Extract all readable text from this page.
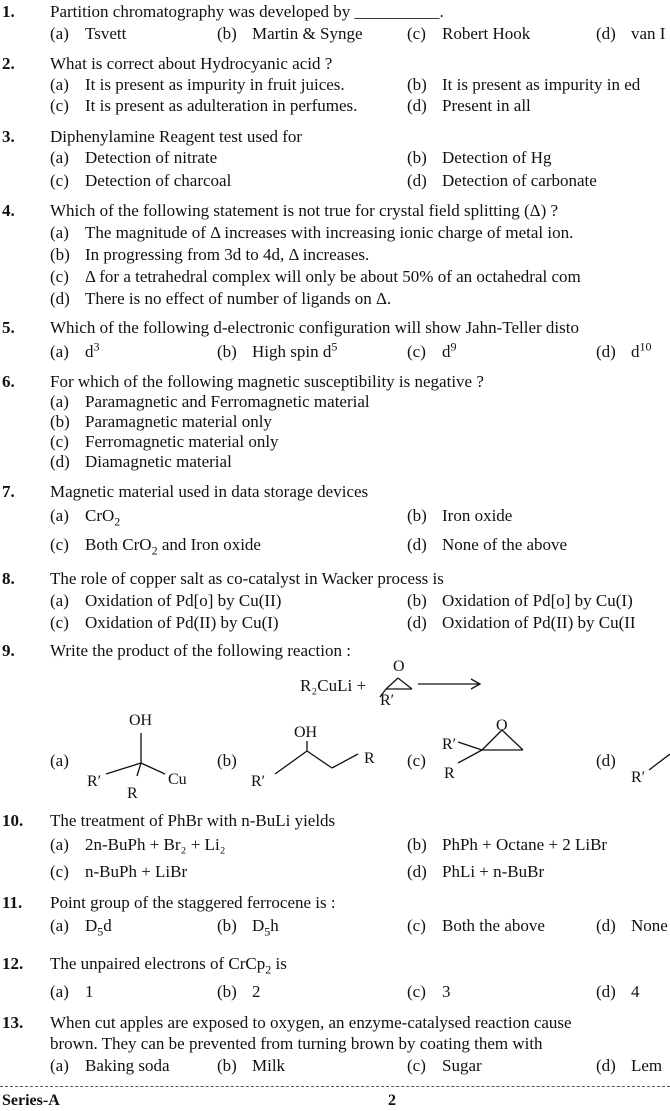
1. Partition chromatography was developed by __________.
(a) Tsvett	(b) Martin & Synge	(c) Robert Hook	(d) van I
2. What is correct about Hydrocyanic acid ?
(a) It is present as impurity in fruit juices.	(b) It is present as impurity in ed
(c) It is present as adulteration in perfumes.	(d) Present in all
3. Diphenylamine Reagent test used for
(a) Detection of nitrate	(b) Detection of Hg
(c) Detection of charcoal	(d) Detection of carbonate
4. Which of the following statement is not true for crystal field splitting (Δ) ?
(a) The magnitude of Δ increases with increasing ionic charge of metal ion.
(b) In progressing from 3d to 4d, Δ increases.
(c) Δ for a tetrahedral complex will only be about 50% of an octahedral com
(d) There is no effect of number of ligands on Δ.
5. Which of the following d-electronic configuration will show Jahn-Teller disto
(a) $d^3$	(b) High spin $d^5$	(c) $d^9$	(d) $d^{10}$
6. For which of the following magnetic susceptibility is negative ?
(a) Paramagnetic and Ferromagnetic material
(b) Paramagnetic material only
(c) Ferromagnetic material only
(d) Diamagnetic material
7. Magnetic material used in data storage devices
(a) CrO$_2$	(b) Iron oxide
(c) Both CrO$_2$ and Iron oxide	(d) None of the above
8. The role of copper salt as co-catalyst in Wacker process is
(a) Oxidation of Pd[o] by Cu(II)	(b) Oxidation of Pd[o] by Cu(I)
(c) Oxidation of Pd(II) by Cu(I)	(d) Oxidation of Pd(II) by Cu(II
9. Write the product of the following reaction :
R₂CuLi +
O
R′
(a)
OH
R′	Cu
R
(b)
OH
R′
R (c)
O
R′
R
(d)
R′
10. The treatment of PhBr with n-BuLi yields
(a) 2n-BuPh + Br₂ + Li₂	(b) PhPh + Octane + 2 LiBr
(c) n-BuPh + LiBr	(d) PhLi + n-BuBr
11. Point group of the staggered ferrocene is :
(a) $D_5d$	(b) $D_5h$	(c) Both the above	(d) None
12. The unpaired electrons of CrCp$_2$ is
(a) 1	(b) 2	(c) 3	(d) 4
13. When cut apples are exposed to oxygen, an enzyme-catalysed reaction cause
brown. They can be prevented from turning brown by coating them with
(a) Baking soda	(b) Milk	(c) Sugar	(d) Lem
Series-A	2
